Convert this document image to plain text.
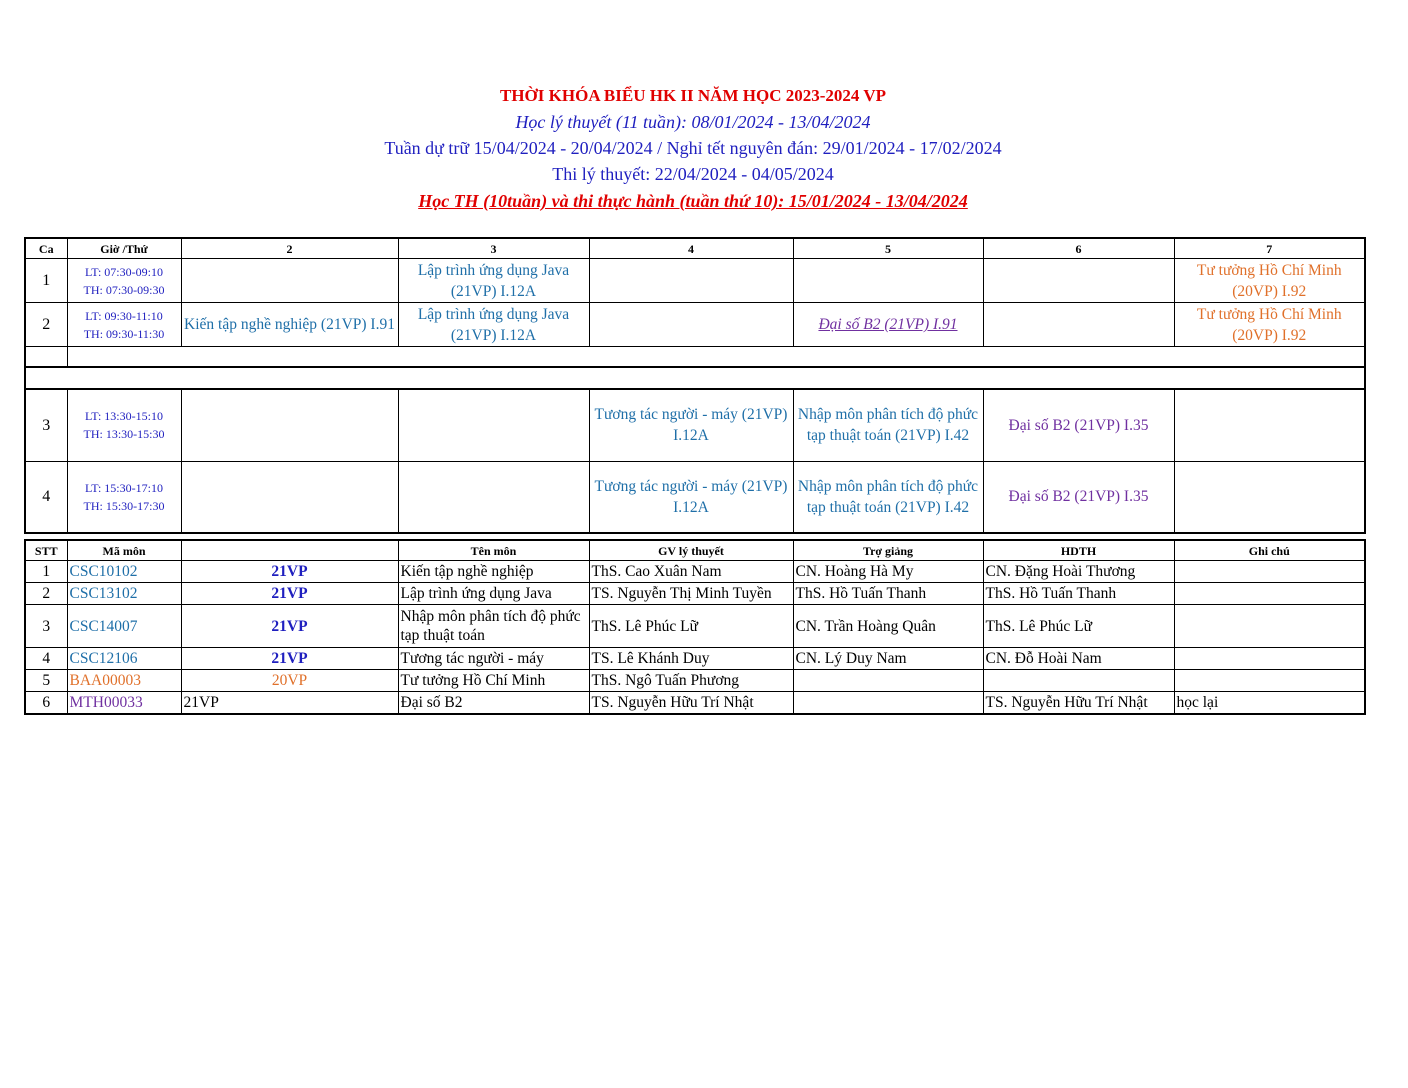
THỜI KHÓA BIỂU HK II NĂM HỌC 2023-2024 VP
Học lý thuyết (11 tuần): 08/01/2024 - 13/04/2024
Tuần dự trữ 15/04/2024 - 20/04/2024 / Nghỉ tết nguyên đán: 29/01/2024 - 17/02/2024
Thi lý thuyết: 22/04/2024 - 04/05/2024
Học TH (10tuần) và thi thực hành (tuần thứ 10): 15/01/2024 - 13/04/2024
Ca	Giờ /Thứ	2	3	4	5	6	7
1	LT: 07:30-09:10
TH: 07:30-09:30		Lập trình ứng dụng Java (21VP) I.12A				Tư tưởng Hồ Chí Minh (20VP) I.92
2	LT: 09:30-11:10
TH: 09:30-11:30	Kiến tập nghề nghiệp (21VP) I.91	Lập trình ứng dụng Java (21VP) I.12A		Đại số B2 (21VP) I.91		Tư tưởng Hồ Chí Minh (20VP) I.92

3	LT: 13:30-15:10
TH: 13:30-15:30			Tương tác người - máy (21VP) I.12A	Nhập môn phân tích độ phức tạp thuật toán (21VP) I.42	Đại số B2 (21VP) I.35	
4	LT: 15:30-17:10
TH: 15:30-17:30			Tương tác người - máy (21VP) I.12A	Nhập môn phân tích độ phức tạp thuật toán (21VP) I.42	Đại số B2 (21VP) I.35	
STT	Mã môn		Tên môn	GV lý thuyết	Trợ giảng	HDTH	Ghi chú
1	CSC10102	21VP	Kiến tập nghề nghiệp	ThS. Cao Xuân Nam	CN. Hoàng Hà My	CN. Đặng Hoài Thương	
2	CSC13102	21VP	Lập trình ứng dụng Java	TS. Nguyễn Thị Minh Tuyền	ThS. Hồ Tuấn Thanh	ThS. Hồ Tuấn Thanh	
3	CSC14007	21VP	Nhập môn phân tích độ phức tạp thuật toán	ThS. Lê Phúc Lữ	CN. Trần Hoàng Quân	ThS. Lê Phúc Lữ	
4	CSC12106	21VP	Tương tác người - máy	TS. Lê Khánh Duy	CN. Lý Duy Nam	CN. Đỗ Hoài Nam	
5	BAA00003	20VP	Tư tưởng Hồ Chí Minh	ThS. Ngô Tuấn Phương			
6	MTH00033	21VP	Đại số B2	TS. Nguyễn Hữu Trí Nhật		TS. Nguyễn Hữu Trí Nhật	học lại
